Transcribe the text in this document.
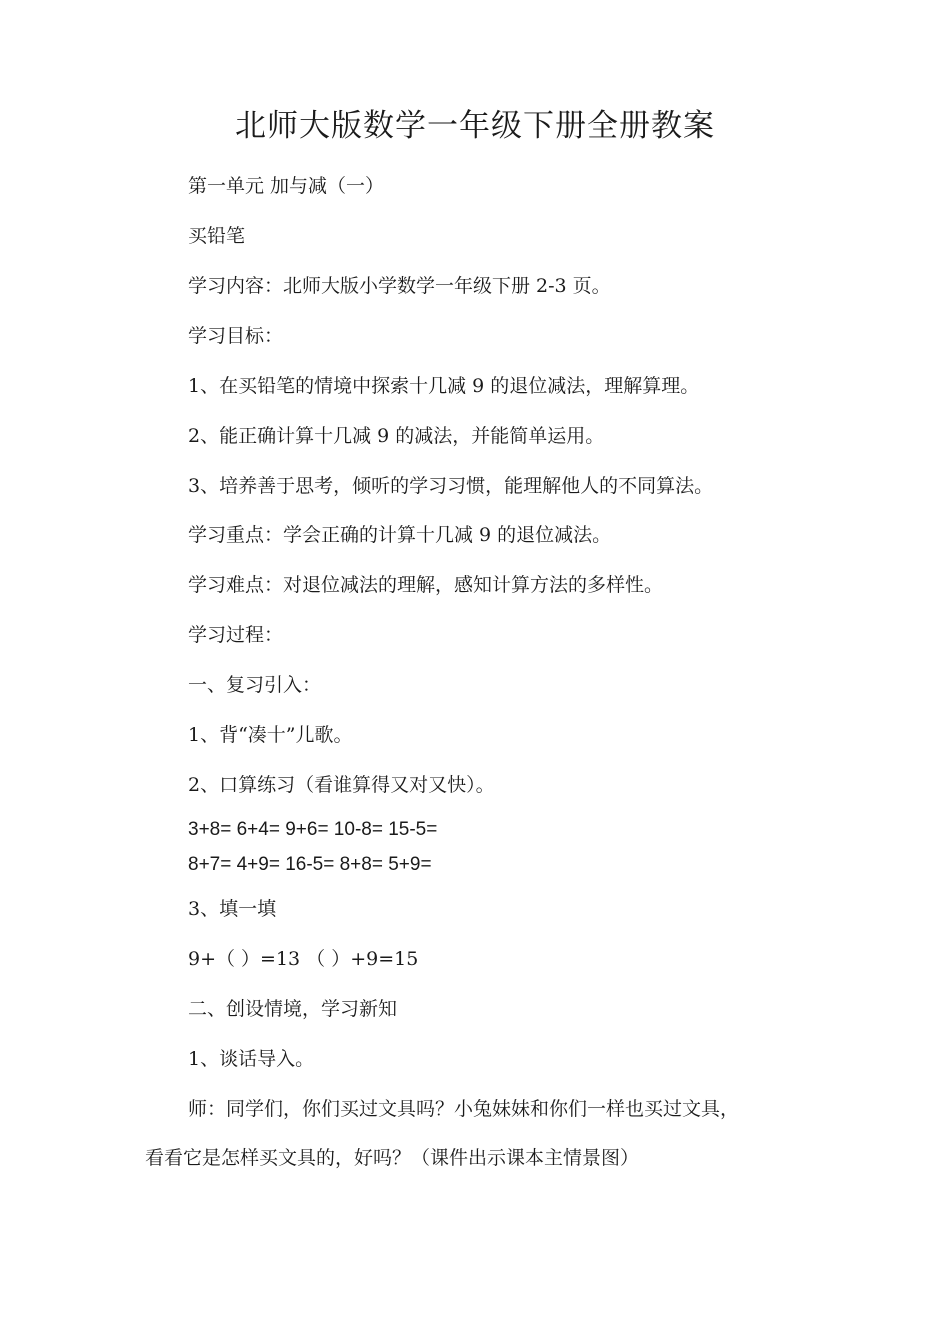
北师大版数学一年级下册全册教案

第一单元 加与减（一）

买铅笔

学习内容：北师大版小学数学一年级下册 2-3 页。

学习目标：

1、在买铅笔的情境中探索十几减 9 的退位减法，理解算理。

2、能正确计算十几减 9 的减法，并能简单运用。

3、培养善于思考，倾听的学习习惯，能理解他人的不同算法。

学习重点：学会正确的计算十几减 9 的退位减法。

学习难点：对退位减法的理解，感知计算方法的多样性。

学习过程：

一、复习引入：

1、背“凑十”儿歌。

2、口算练习（看谁算得又对又快）。

3+8= 6+4= 9+6= 10-8= 15-5=

8+7= 4+9= 16-5= 8+8= 5+9=

3、填一填

9+（ ）=13 （ ）+9=15

二、创设情境，学习新知

1、谈话导入。

师：同学们，你们买过文具吗？小兔妹妹和你们一样也买过文具，

看看它是怎样买文具的，好吗？（课件出示课本主情景图）
